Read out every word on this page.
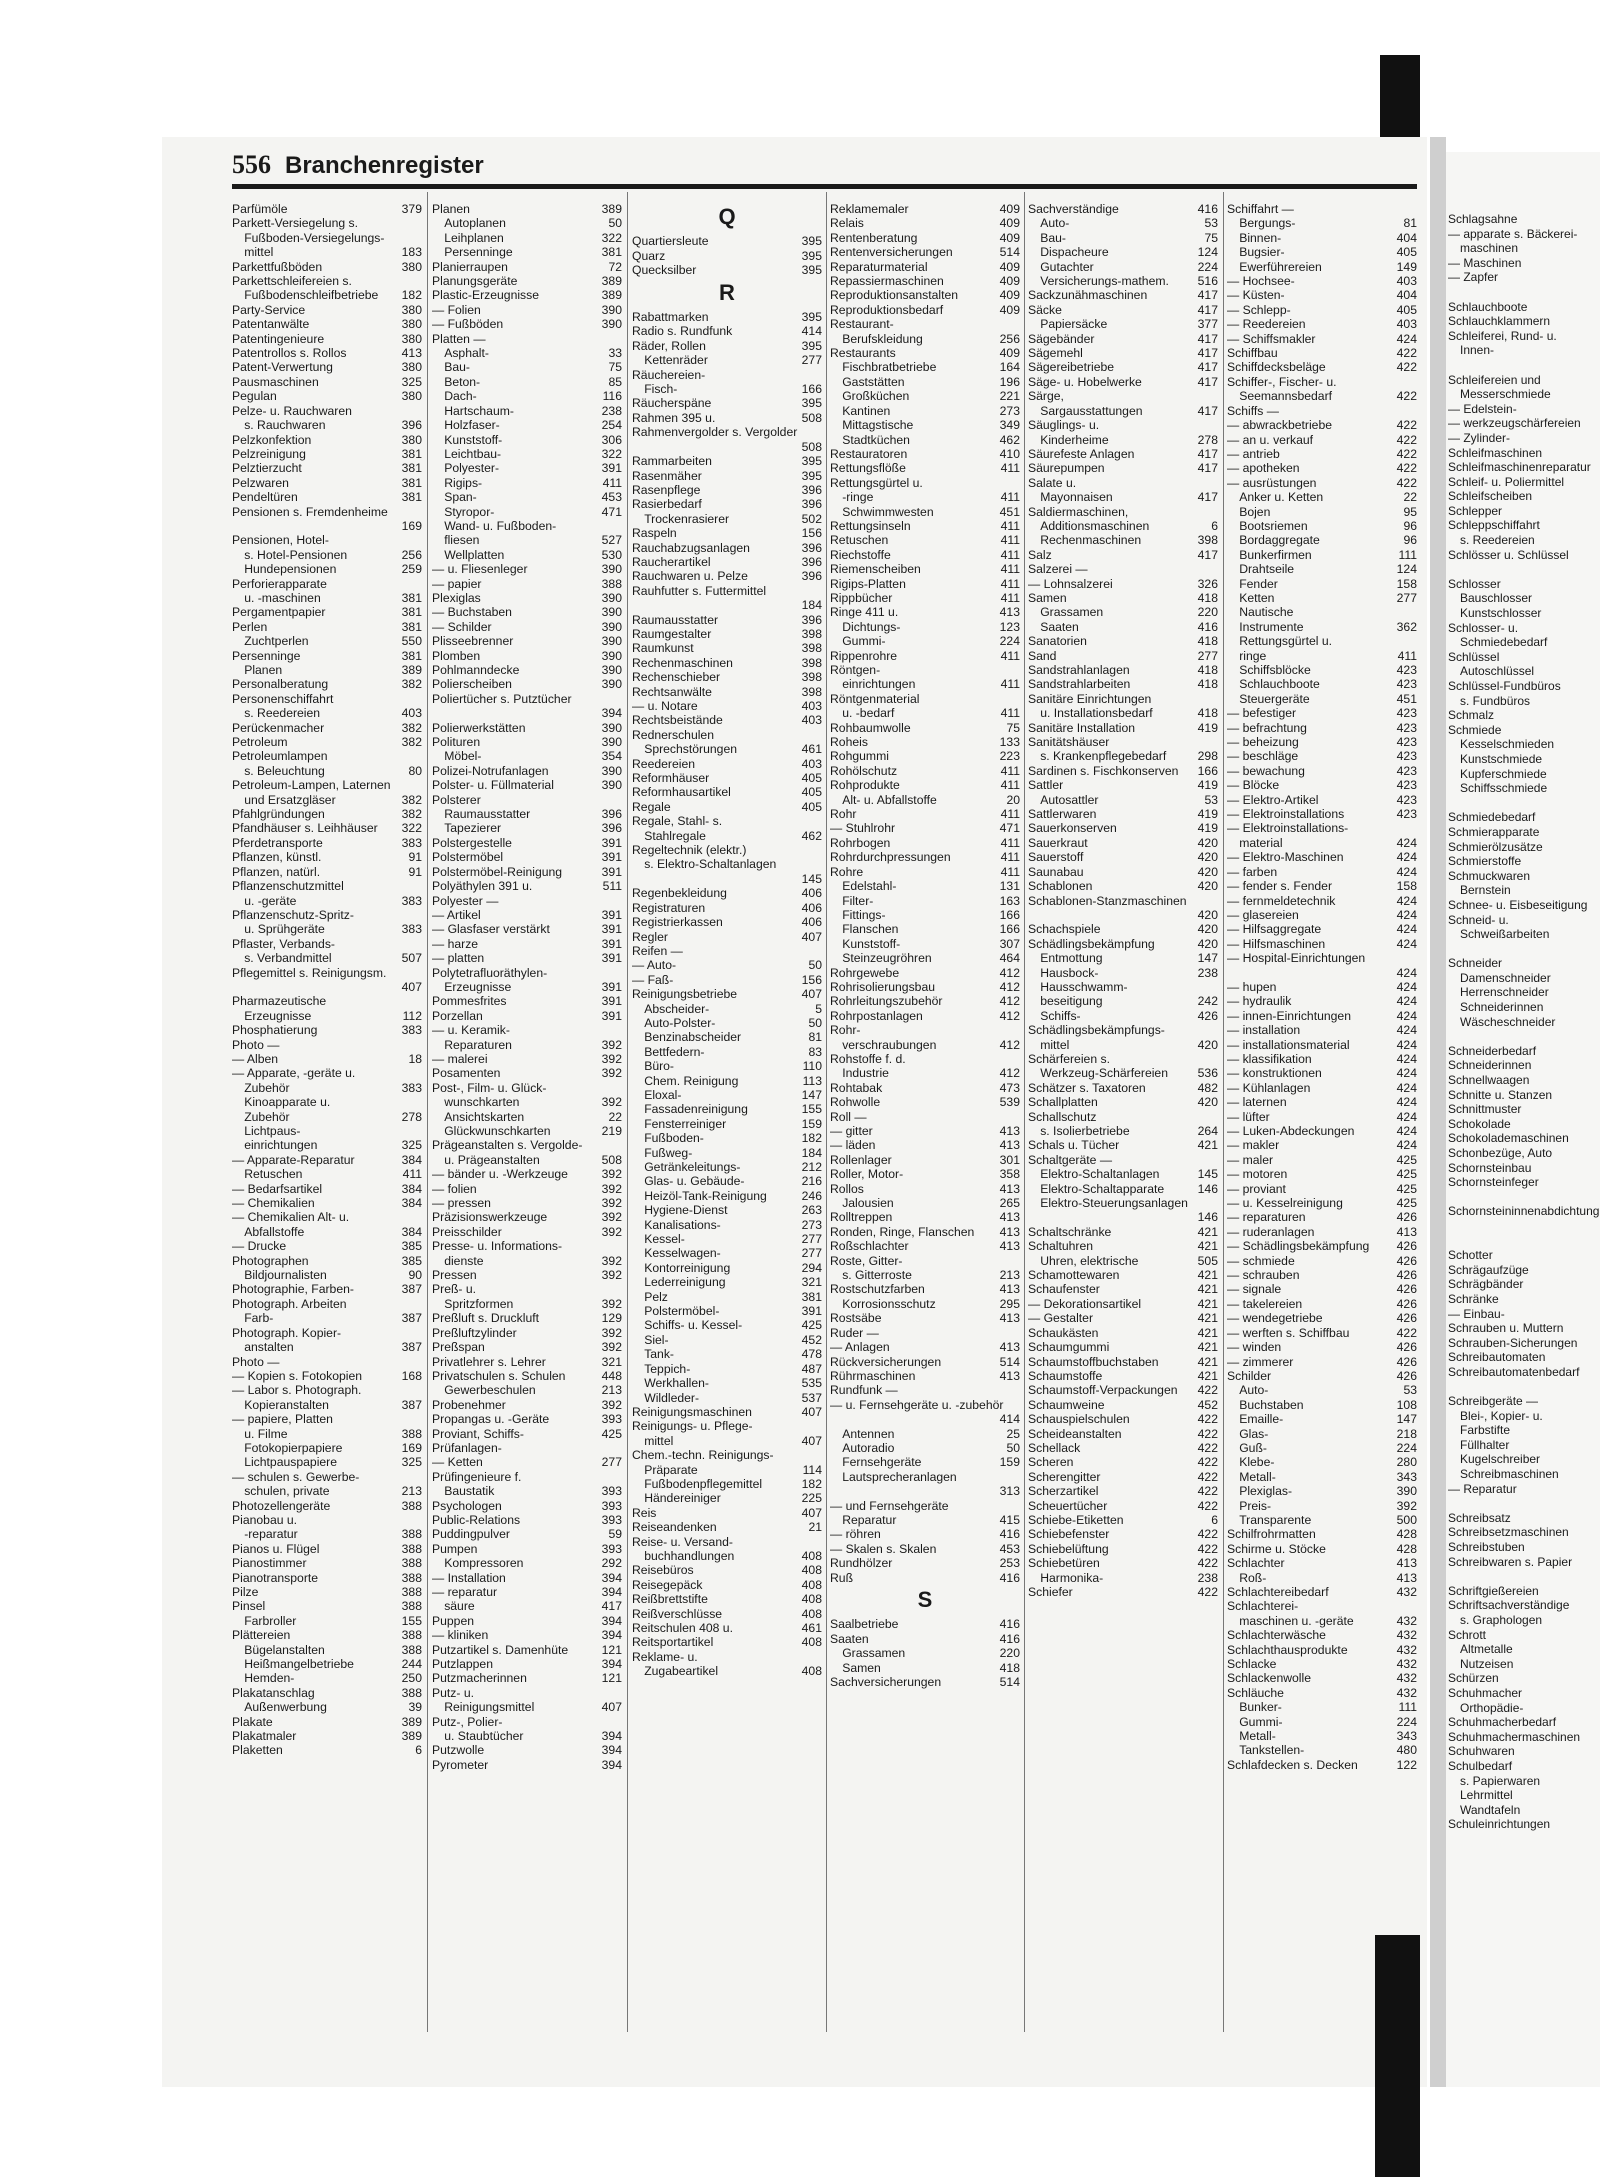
556 Branchenregister
Parfümöle	379
Parkett-Versiegelung s.
 Fußboden-Versiegelungs-
 mittel	183
Parkettfußböden	380
Parkettschleifereien s.
 Fußbodenschleifbetriebe	182
Party-Service	380
Patentanwälte	380
Patentingenieure	380
Patentrollos s. Rollos	413
Patent-Verwertung	380
Pausmaschinen	325
Pegulan	380
Pelze- u. Rauchwaren
 s. Rauchwaren	396
Pelzkonfektion	380
Pelzreinigung	381
Pelztierzucht	381
Pelzwaren	381
Pendeltüren	381
Pensionen s. Fremdenheime
169
Pensionen, Hotel-
 s. Hotel-Pensionen	256
 Hundepensionen	259
Perforierapparate
 u. -maschinen	381
Pergamentpapier	381
Perlen	381
 Zuchtperlen	550
Persenninge	381
 Planen	389
Personalberatung	382
Personenschiffahrt
 s. Reedereien	403
Perückenmacher	382
Petroleum	382
Petroleumlampen
 s. Beleuchtung	80
Petroleum-Lampen, Laternen
 und Ersatzgläser	382
Pfahlgründungen	382
Pfandhäuser s. Leihhäuser	322
Pferdetransporte	383
Pflanzen, künstl.	91
Pflanzen, natürl.	91
Pflanzenschutzmittel
 u. -geräte	383
Pflanzenschutz-Spritz-
 u. Sprühgeräte	383
Pflaster, Verbands-
 s. Verbandmittel	507
Pflegemittel s. Reinigungsm.
407
Pharmazeutische
 Erzeugnisse	112
Phosphatierung	383
Photo —
— Alben	18
— Apparate, -geräte u.
 Zubehör	383
 Kinoapparate u.
 Zubehör	278
 Lichtpaus-
 einrichtungen	325
— Apparate-Reparatur	384
 Retuschen	411
— Bedarfsartikel	384
— Chemikalien	384
— Chemikalien Alt- u.
 Abfallstoffe	384
— Drucke	385
Photographen	385
 Bildjournalisten	90
Photographie, Farben-	387
Photograph. Arbeiten
 Farb-	387
Photograph. Kopier-
 anstalten	387
Photo —
— Kopien s. Fotokopien	168
— Labor s. Photograph.
 Kopieranstalten	387
— papiere, Platten
 u. Filme	388
 Fotokopierpapiere	169
 Lichtpauspapiere	325
— schulen s. Gewerbe-
 schulen, private	213
Photozellengeräte	388
Pianobau u.
 -reparatur	388
Pianos u. Flügel	388
Pianostimmer	388
Pianotransporte	388
Pilze	388
Pinsel	388
 Farbroller	155
Plättereien	388
 Bügelanstalten	388
 Heißmangelbetriebe	244
 Hemden-	250
Plakatanschlag	388
 Außenwerbung	39
Plakate	389
Plakatmaler	389
Plaketten	6
Planen	389
 Autoplanen	50
 Leihplanen	322
 Persenninge	381
Planierraupen	72
Planungsgeräte	389
Plastic-Erzeugnisse	389
— Folien	390
— Fußböden	390
Platten —
 Asphalt-	33
 Bau-	75
 Beton-	85
 Dach-	116
 Hartschaum-	238
 Holzfaser-	254
 Kunststoff-	306
 Leichtbau-	322
 Polyester-	391
 Rigips-	411
 Span-	453
 Styropor-	471
 Wand- u. Fußboden-
 fliesen	527
 Wellplatten	530
— u. Fliesenleger	390
— papier	388
Plexiglas	390
— Buchstaben	390
— Schilder	390
Plisseebrenner	390
Plomben	390
Pohlmanndecke	390
Polierscheiben	390
Poliertücher s. Putztücher
394
Polierwerkstätten	390
Polituren	390
 Möbel-	354
Polizei-Notrufanlagen	390
Polster- u. Füllmaterial	390
Polsterer
 Raumausstatter	396
 Tapezierer	396
Polstergestelle	391
Polstermöbel	391
Polstermöbel-Reinigung	391
Polyäthylen 391 u.	511
Polyester —
— Artikel	391
— Glasfaser verstärkt	391
— harze	391
— platten	391
Polytetrafluoräthylen-
 Erzeugnisse	391
Pommesfrites	391
Porzellan	391
— u. Keramik-
 Reparaturen	392
— malerei	392
Posamenten	392
Post-, Film- u. Glück-
 wunschkarten	392
 Ansichtskarten	22
 Glückwunschkarten	219
Prägeanstalten s. Vergolde-
 u. Prägeanstalten	508
— bänder u. -Werkzeuge	392
— folien	392
— pressen	392
Präzisionswerkzeuge	392
Preisschilder	392
Presse- u. Informations-
 dienste	392
Pressen	392
Preß- u.
 Spritzformen	392
Preßluft s. Druckluft	129
Preßluftzylinder	392
Preßspan	392
Privatlehrer s. Lehrer	321
Privatschulen s. Schulen	448
 Gewerbeschulen	213
Probenehmer	392
Propangas u. -Geräte	393
Proviant, Schiffs-	425
Prüfanlagen-
— Ketten	277
Prüfingenieure f.
 Baustatik	393
Psychologen	393
Public-Relations	393
Puddingpulver	59
Pumpen	393
 Kompressoren	292
— Installation	394
— reparatur	394
 säure	417
Puppen	394
— kliniken	394
Putzartikel s. Damenhüte	121
Putzlappen	394
Putzmacherinnen	121
Putz- u.
 Reinigungsmittel	407
Putz-, Polier-
 u. Staubtücher	394
Putzwolle	394
Pyrometer	394
Q
Quartiersleute	395
Quarz	395
Quecksilber	395
R
Rabattmarken	395
Radio s. Rundfunk	414
Räder, Rollen	395
 Kettenräder	277
Räuchereien-
 Fisch-	166
Räucherspäne	395
Rahmen 395 u.	508
Rahmenvergolder s. Vergolder
508
Rammarbeiten	395
Rasenmäher	395
Rasenpflege	396
Rasierbedarf	396
 Trockenrasierer	502
Raspeln	156
Rauchabzugsanlagen	396
Raucherartikel	396
Rauchwaren u. Pelze	396
Rauhfutter s. Futtermittel
184
Raumausstatter	396
Raumgestalter	398
Raumkunst	398
Rechenmaschinen	398
Rechenschieber	398
Rechtsanwälte	398
— u. Notare	403
Rechtsbeistände	403
Rednerschulen
 Sprechstörungen	461
Reedereien	403
Reformhäuser	405
Reformhausartikel	405
Regale	405
Regale, Stahl- s.
 Stahlregale	462
Regeltechnik (elektr.)
 s. Elektro-Schaltanlagen
145
Regenbekleidung	406
Registraturen	406
Registrierkassen	406
Regler	407
Reifen —
— Auto-	50
— Faß-	156
Reinigungsbetriebe	407
 Abscheider-	5
 Auto-Polster-	50
 Benzinabscheider	81
 Bettfedern-	83
 Büro-	110
 Chem. Reinigung	113
 Eloxal-	147
 Fassadenreinigung	155
 Fensterreiniger	159
 Fußboden-	182
 Fußweg-	184
 Getränkeleitungs-	212
 Glas- u. Gebäude-	216
 Heizöl-Tank-Reinigung	246
 Hygiene-Dienst	263
 Kanalisations-	273
 Kessel-	277
 Kesselwagen-	277
 Kontorreinigung	294
 Lederreinigung	321
 Pelz	381
 Polstermöbel-	391
 Schiffs- u. Kessel-	425
 Siel-	452
 Tank-	478
 Teppich-	487
 Werkhallen-	535
 Wildleder-	537
Reinigungsmaschinen	407
Reinigungs- u. Pflege-
 mittel	407
Chem.-techn. Reinigungs-
 Präparate	114
 Fußbodenpflegemittel	182
 Händereiniger	225
Reis	407
Reiseandenken	21
Reise- u. Versand-
 buchhandlungen	408
Reisebüros	408
Reisegepäck	408
Reißbrettstifte	408
Reißverschlüsse	408
Reitschulen 408 u.	461
Reitsportartikel	408
Reklame- u.
 Zugabeartikel	408
Reklamemaler	409
Relais	409
Rentenberatung	409
Rentenversicherungen	514
Reparaturmaterial	409
Repassiermaschinen	409
Reproduktionsanstalten	409
Reproduktionsbedarf	409
Restaurant-
 Berufskleidung	256
Restaurants	409
 Fischbratbetriebe	164
 Gaststätten	196
 Großküchen	221
 Kantinen	273
 Mittagstische	349
 Stadtküchen	462
Restauratoren	410
Rettungsflöße	411
Rettungsgürtel u.
 -ringe	411
 Schwimmwesten	451
Rettungsinseln	411
Retuschen	411
Riechstoffe	411
Riemenscheiben	411
Rigips-Platten	411
Rippbücher	411
Ringe 411 u.	413
 Dichtungs-	123
 Gummi-	224
Rippenrohre	411
Röntgen-
 einrichtungen	411
Röntgenmaterial
 u. -bedarf	411
Rohbaumwolle	75
Roheis	133
Rohgummi	223
Rohölschutz	411
Rohprodukte	411
 Alt- u. Abfallstoffe	20
Rohr	411
— Stuhlrohr	471
Rohrbogen	411
Rohrdurchpressungen	411
Rohre	411
 Edelstahl-	131
 Filter-	163
 Fittings-	166
 Flanschen	166
 Kunststoff-	307
 Steinzeugröhren	464
Rohrgewebe	412
Rohrisolierungsbau	412
Rohrleitungszubehör	412
Rohrpostanlagen	412
Rohr-
 verschraubungen	412
Rohstoffe f. d.
 Industrie	412
Rohtabak	473
Rohwolle	539
Roll —
— gitter	413
— läden	413
Rollenlager	301
Roller, Motor-	358
Rollos	413
 Jalousien	265
Rolltreppen	413
Ronden, Ringe, Flanschen	413
Roßschlachter	413
Roste, Gitter-
 s. Gitterroste	213
Rostschutzfarben	413
 Korrosionsschutz	295
Rostsäbe	413
Ruder —
— Anlagen	413
Rückversicherungen	514
Rührmaschinen	413
Rundfunk —
— u. Fernsehgeräte u. -zubehör
414
 Antennen	25
 Autoradio	50
 Fernsehgeräte	159
 Lautsprecheranlagen
313
— und Fernsehgeräte
 Reparatur	415
— röhren	416
— Skalen s. Skalen	453
Rundhölzer	253
Ruß	416
S
Saalbetriebe	416
Saaten	416
 Grassamen	220
 Samen	418
Sachversicherungen	514
Sachverständige	416
 Auto-	53
 Bau-	75
 Dispacheure	124
 Gutachter	224
 Versicherungs-mathem.	516
Sackzunähmaschinen	417
Säcke	417
 Papiersäcke	377
Sägebänder	417
Sägemehl	417
Sägereibetriebe	417
Säge- u. Hobelwerke	417
Särge,
 Sargausstattungen	417
Säuglings- u.
 Kinderheime	278
Säurefeste Anlagen	417
Säurepumpen	417
Salate u.
 Mayonnaisen	417
Saldiermaschinen,
 Additionsmaschinen	6
 Rechenmaschinen	398
Salz	417
Salzerei —
— Lohnsalzerei	326
Samen	418
 Grassamen	220
 Saaten	416
Sanatorien	418
Sand	277
Sandstrahlanlagen	418
Sandstrahlarbeiten	418
Sanitäre Einrichtungen
 u. Installationsbedarf	418
Sanitäre Installation	419
Sanitätshäuser
 s. Krankenpflegebedarf	298
Sardinen s. Fischkonserven	166
Sattler	419
 Autosattler	53
Sattlerwaren	419
Sauerkonserven	419
Sauerkraut	420
Sauerstoff	420
Saunabau	420
Schablonen	420
Schablonen-Stanzmaschinen
420
Schachspiele	420
Schädlingsbekämpfung	420
 Entmottung	147
 Hausbock-	238
 Hausschwamm-
 beseitigung	242
 Schiffs-	426
Schädlingsbekämpfungs-
 mittel	420
Schärfereien s.
 Werkzeug-Schärfereien	536
Schätzer s. Taxatoren	482
Schallplatten	420
Schallschutz
 s. Isolierbetriebe	264
Schals u. Tücher	421
Schaltgeräte —
 Elektro-Schaltanlagen	145
 Elektro-Schaltapparate	146
 Elektro-Steuerungsanlagen
146
Schaltschränke	421
Schaltuhren	421
 Uhren, elektrische	505
Schamottewaren	421
Schaufenster	421
— Dekorationsartikel	421
— Gestalter	421
Schaukästen	421
Schaumgummi	421
Schaumstoffbuchstaben	421
Schaumstoffe	421
Schaumstoff-Verpackungen	422
Schaumweine	452
Schauspielschulen	422
Scheideanstalten	422
Schellack	422
Scheren	422
Scherengitter	422
Scherzartikel	422
Scheuertücher	422
Schiebe-Etiketten	6
Schiebefenster	422
Schiebelüftung	422
Schiebetüren	422
 Harmonika-	238
Schiefer	422
Schiffahrt —
 Bergungs-	81
 Binnen-	404
 Bugsier-	405
 Ewerführereien	149
— Hochsee-	403
— Küsten-	404
— Schlepp-	405
— Reedereien	403
— Schiffsmakler	424
Schiffbau	422
Schiffdecksbeläge	422
Schiffer-, Fischer- u.
 Seemannsbedarf	422
Schiffs —
— abwrackbetriebe	422
— an u. verkauf	422
— antrieb	422
— apotheken	422
— ausrüstungen	422
 Anker u. Ketten	22
 Bojen	95
 Bootsriemen	96
 Bordaggregate	96
 Bunkerfirmen	111
 Drahtseile	124
 Fender	158
 Ketten	277
 Nautische
 Instrumente	362
 Rettungsgürtel u.
 ringe	411
 Schiffsblöcke	423
 Schlauchboote	423
 Steuergeräte	451
— befestiger	423
— befrachtung	423
— beheizung	423
— beschläge	423
— bewachung	423
— Blöcke	423
— Elektro-Artikel	423
— Elektroinstallations	423
— Elektroinstallations-
 material	424
— Elektro-Maschinen	424
— farben	424
— fender s. Fender	158
— fernmeldetechnik	424
— glasereien	424
— Hilfsaggregate	424
— Hilfsmaschinen	424
— Hospital-Einrichtungen
424
— hupen	424
— hydraulik	424
— innen-Einrichtungen	424
— installation	424
— installationsmaterial	424
— klassifikation	424
— konstruktionen	424
— Kühlanlagen	424
— laternen	424
— lüfter	424
— Luken-Abdeckungen	424
— makler	424
— maler	425
— motoren	425
— proviant	425
— u. Kesselreinigung	425
— reparaturen	426
— ruderanlagen	413
— Schädlingsbekämpfung	426
— schmiede	426
— schrauben	426
— signale	426
— takelereien	426
— wendegetriebe	426
— werften s. Schiffbau	422
— winden	426
— zimmerer	426
Schilder	426
 Auto-	53
 Buchstaben	108
 Emaille-	147
 Glas-	218
 Guß-	224
 Klebe-	280
 Metall-	343
 Plexiglas-	390
 Preis-	392
 Transparente	500
Schilfrohrmatten	428
Schirme u. Stöcke	428
Schlachter	413
 Roß-	413
Schlachtereibedarf	432
Schlachterei-
 maschinen u. -geräte	432
Schlachterwäsche	432
Schlachthausprodukte	432
Schlacke	432
Schlackenwolle	432
Schläuche	432
 Bunker-	111
 Gummi-	224
 Metall-	343
 Tankstellen-	480
Schlafdecken s. Decken	122
Schlagsahne
— apparate s. Bäckerei-
 maschinen
— Maschinen
— Zapfer

Schlauchboote
Schlauchklammern
Schleiferei, Rund- u.
 Innen-

Schleifereien und
 Messerschmiede
— Edelstein-
— werkzeugschärfereien
— Zylinder-
Schleifmaschinen
Schleifmaschinenreparatur
Schleif- u. Poliermittel
Schleifscheiben
Schlepper
Schleppschiffahrt
 s. Reedereien
Schlösser u. Schlüssel

Schlosser
 Bauschlosser
 Kunstschlosser
Schlosser- u.
 Schmiedebedarf
Schlüssel
 Autoschlüssel
Schlüssel-Fundbüros
 s. Fundbüros
Schmalz
Schmiede
 Kesselschmieden
 Kunstschmiede
 Kupferschmiede
 Schiffsschmiede

Schmiedebedarf
Schmierapparate
Schmierölzusätze
Schmierstoffe
Schmuckwaren
 Bernstein
Schnee- u. Eisbeseitigung
Schneid- u.
 Schweißarbeiten

Schneider
 Damenschneider
 Herrenschneider
 Schneiderinnen
 Wäscheschneider

Schneiderbedarf
Schneiderinnen
Schnellwaagen
Schnitte u. Stanzen
Schnittmuster
Schokolade
Schokolademaschinen
Schonbezüge, Auto
Schornsteinbau
Schornsteinfeger

Schornsteininnenabdichtung

Schotter
Schrägaufzüge
Schrägbänder
Schränke
— Einbau-
Schrauben u. Muttern
Schrauben-Sicherungen
Schreibautomaten
Schreibautomatenbedarf

Schreibgeräte —
 Blei-, Kopier- u.
 Farbstifte
 Füllhalter
 Kugelschreiber
 Schreibmaschinen
— Reparatur

Schreibsatz
Schreibsetzmaschinen
Schreibstuben
Schreibwaren s. Papier

Schriftgießereien
Schriftsachverständige
 s. Graphologen
Schrott
 Altmetalle
 Nutzeisen
Schürzen
Schuhmacher
 Orthopädie-
Schuhmacherbedarf
Schuhmachermaschinen
Schuhwaren
Schulbedarf
 s. Papierwaren
 Lehrmittel
 Wandtafeln
Schuleinrichtungen
